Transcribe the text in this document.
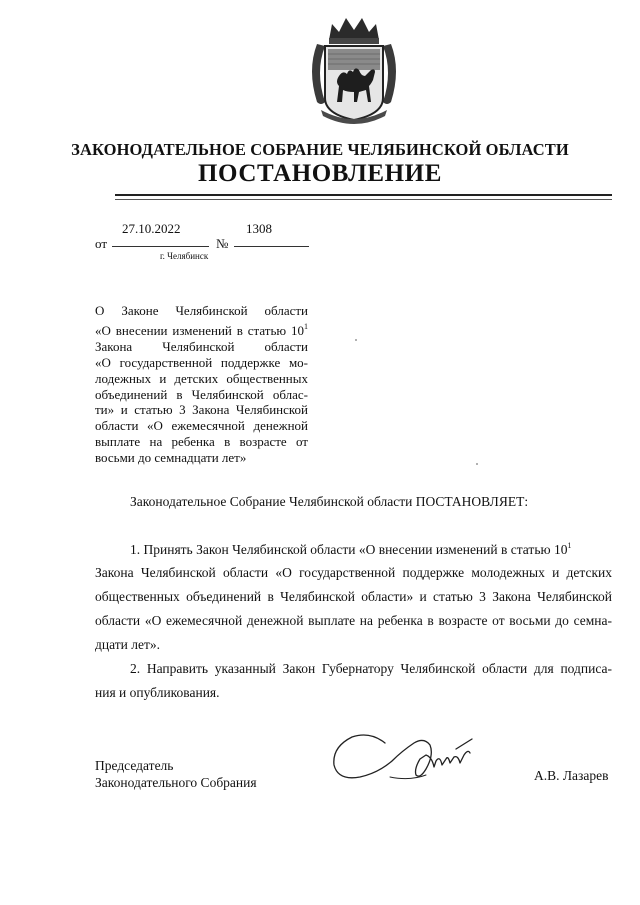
ЗАКОНОДАТЕЛЬНОЕ СОБРАНИЕ ЧЕЛЯБИНСКОЙ ОБЛАСТИ
ПОСТАНОВЛЕНИЕ
от
27.10.2022
№
1308
г. Челябинск
О Законе Челябинской области
«О внесении изменений в статью $10^1$
Закона Челябинской области
«О государственной поддержке мо-
лодежных и детских общественных
объединений в Челябинской облас-
ти» и статью 3 Закона Челябинской
области «О ежемесячной денежной
выплате на ребенка в возрасте от
восьми до семнадцати лет»
Законодательное Собрание Челябинской области ПОСТАНОВЛЯЕТ:
1. Принять Закон Челябинской области «О внесении изменений в статью $10^1$
Закона Челябинской области «О государственной поддержке молодежных и детских
общественных объединений в Челябинской области» и статью 3 Закона Челябинской
области «О ежемесячной денежной выплате на ребенка в возрасте от восьми до семна-
дцати лет».
2. Направить указанный Закон Губернатору Челябинской области для подписа-
ния и опубликования.
Председатель
Законодательного Собрания	А.В. Лазарев
